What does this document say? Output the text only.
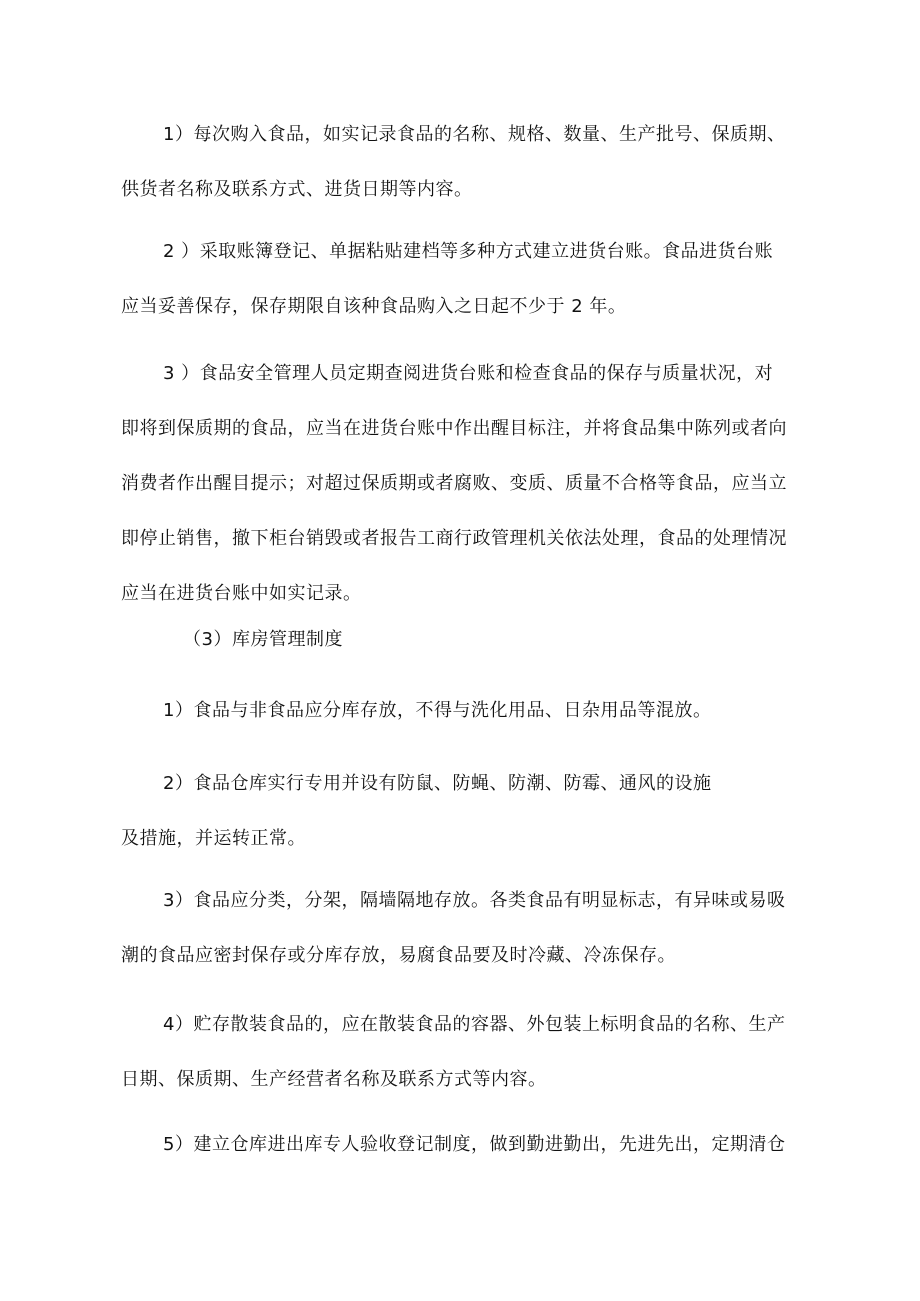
1）每次购入食品，如实记录食品的名称、规格、数量、生产批号、保质期、
供货者名称及联系方式、进货日期等内容。

2 ）采取账簿登记、单据粘贴建档等多种方式建立进货台账。食品进货台账
应当妥善保存，保存期限自该种食品购入之日起不少于 2 年。

3 ）食品安全管理人员定期查阅进货台账和检查食品的保存与质量状况，对
即将到保质期的食品，应当在进货台账中作出醒目标注，并将食品集中陈列或者向
消费者作出醒目提示；对超过保质期或者腐败、变质、质量不合格等食品，应当立
即停止销售，撤下柜台销毁或者报告工商行政管理机关依法处理，食品的处理情况
应当在进货台账中如实记录。

（3）库房管理制度

1）食品与非食品应分库存放，不得与洗化用品、日杂用品等混放。

2）食品仓库实行专用并设有防鼠、防蝇、防潮、防霉、通风的设施
及措施，并运转正常。

3）食品应分类，分架，隔墙隔地存放。各类食品有明显标志，有异味或易吸
潮的食品应密封保存或分库存放，易腐食品要及时冷藏、冷冻保存。

4）贮存散装食品的，应在散装食品的容器、外包装上标明食品的名称、生产
日期、保质期、生产经营者名称及联系方式等内容。

5）建立仓库进出库专人验收登记制度，做到勤进勤出，先进先出，定期清仓
